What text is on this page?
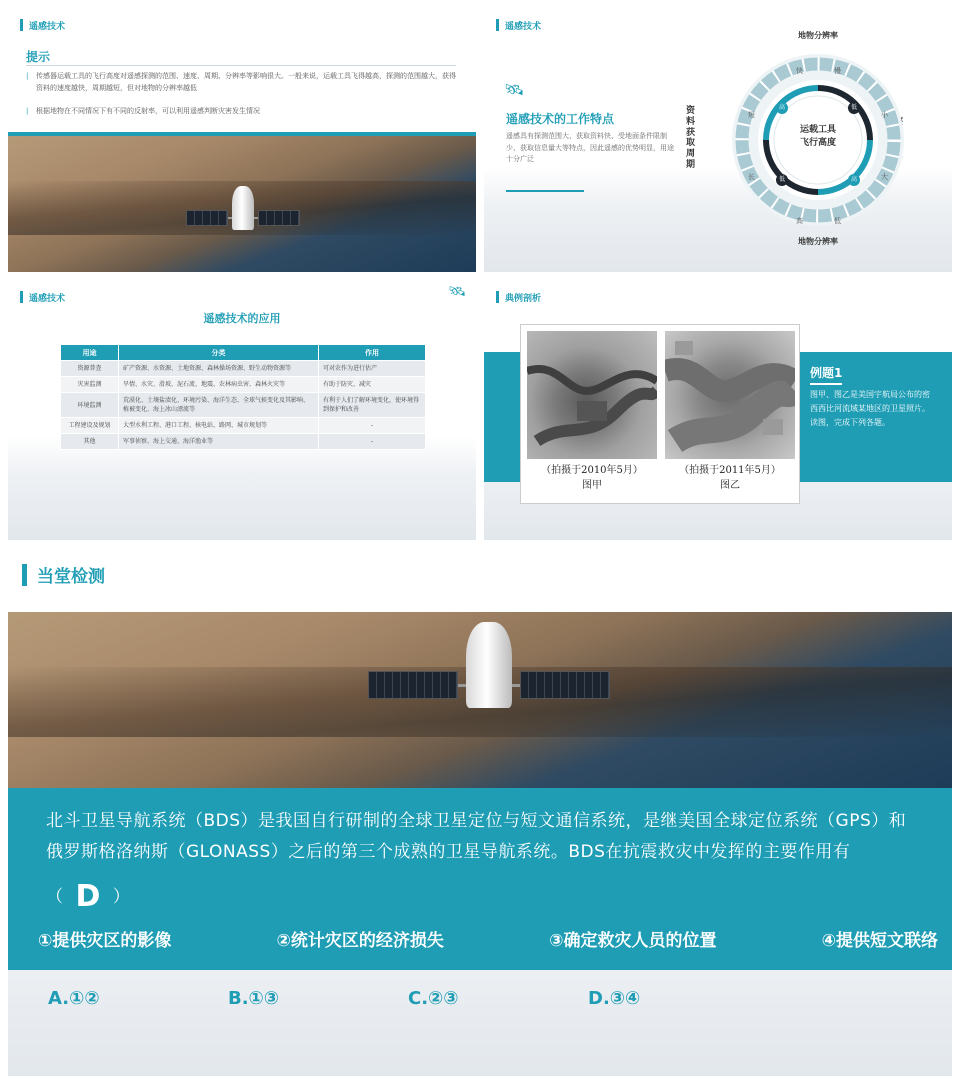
遥感技术
提示
| 传感器运载工具的飞行高度对遥感探测的范围、速度、周期、分辨率等影响很大。一般来说，运载工具飞得越高，探测的范围越大，获得资料的速度越快，周期越短，但对地物的分辨率越低
| 根据地物在不同情况下有不同的反射率，可以利用遥感判断灾害发生情况
遥感技术
🛰
遥感技术的工作特点
遥感具有探测范围大、获取资料快、受地面条件限制少、获取信息量大等特点，因此遥感的优势明显，用途十分广泛
地物分辨率
地物分辨率
资料获取周期
运载工具
飞行高度
高	低
低	高
快	慢
小
大
高	低
短
长
遥感技术	🛰
遥感技术的应用
用途	分类	作用
资源普查	矿产资源、水资源、土地资源、森林操场资源、野生动物资源等	可对农作为进行估产
灾害监测	旱情、水灾、滑坡、泥石流、地震、农林病虫害、森林火灾等	有助于防灾、减灾
环境监测	荒漠化、土壤盐渍化、环境污染、海洋生态、全球气候变化及其影响、植被变化、海上冰山漂流等	有利于人们了解环境变化，使环境得到保护和改善
工程建设及规划	大型水利工程、港口工程、核电站、路网、城市规划等	-
其他	军事侦察、海上交通、海洋渔业等	-
典例剖析
（拍摄于2010年5月）
图甲
（拍摄于2011年5月）
图乙
例题1
图甲、图乙是美国宇航局公布的密西西比河流域某地区的卫星照片。读图，完成下列各题。
当堂检测
北斗卫星导航系统（BDS）是我国自行研制的全球卫星定位与短文通信系统，是继美国全球定位系统（GPS）和俄罗斯格洛纳斯（GLONASS）之后的第三个成熟的卫星导航系统。BDS在抗震救灾中发挥的主要作用有（ D ）
①提供灾区的影像	②统计灾区的经济损失	③确定救灾人员的位置	④提供短文联络
A.①②	B.①③	C.②③	D.③④
